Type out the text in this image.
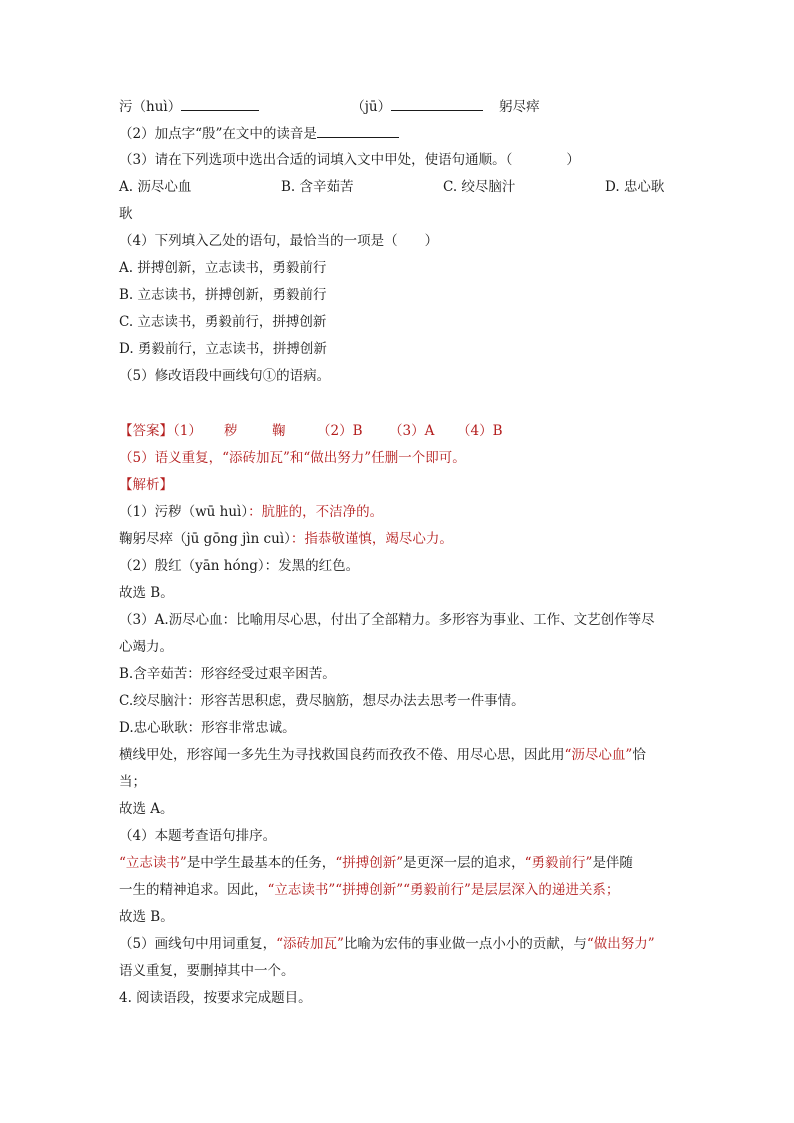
污（huì）	（jū）	躬尽瘁
（2）加点字“殷”在文中的读音是
（3）请在下列选项中选出合适的词填入文中甲处，使语句通顺。（　　　　）
A. 沥尽心血	B. 含辛茹苦	C. 绞尽脑汁	D. 忠心耿
耿
（4）下列填入乙处的语句，最恰当的一项是（　　）
A. 拼搏创新，立志读书，勇毅前行
B. 立志读书，拼搏创新，勇毅前行
C. 立志读书，勇毅前行，拼搏创新
D. 勇毅前行，立志读书，拼搏创新
（5）修改语段中画线句①的语病。
【答案】（1） 秽	鞠 （2）B （3）A （4）B
（5）语义重复，“添砖加瓦”和“做出努力”任删一个即可。
【解析】
（1）污秽（wū huì）：肮脏的，不洁净的。
鞠躬尽瘁（jū gōng jìn cuì）：指恭敬谨慎，竭尽心力。
（2）殷红（yān hóng）：发黑的红色。
故选 B。
（3）A.沥尽心血：比喻用尽心思，付出了全部精力。多形容为事业、工作、文艺创作等尽
心竭力。
B.含辛茹苦：形容经受过艰辛困苦。
C.绞尽脑汁：形容苦思积虑，费尽脑筋，想尽办法去思考一件事情。
D.忠心耿耿：形容非常忠诚。
横线甲处，形容闻一多先生为寻找救国良药而孜孜不倦、用尽心思，因此用“沥尽心血”恰
当；
故选 A。
（4）本题考查语句排序。
“立志读书”是中学生最基本的任务，“拼搏创新”是更深一层的追求，“勇毅前行”是伴随
一生的精神追求。因此，“立志读书”“拼搏创新”“勇毅前行”是层层深入的递进关系；
故选 B。
（5）画线句中用词重复，“添砖加瓦”比喻为宏伟的事业做一点小小的贡献，与“做出努力”
语义重复，要删掉其中一个。
4. 阅读语段，按要求完成题目。
